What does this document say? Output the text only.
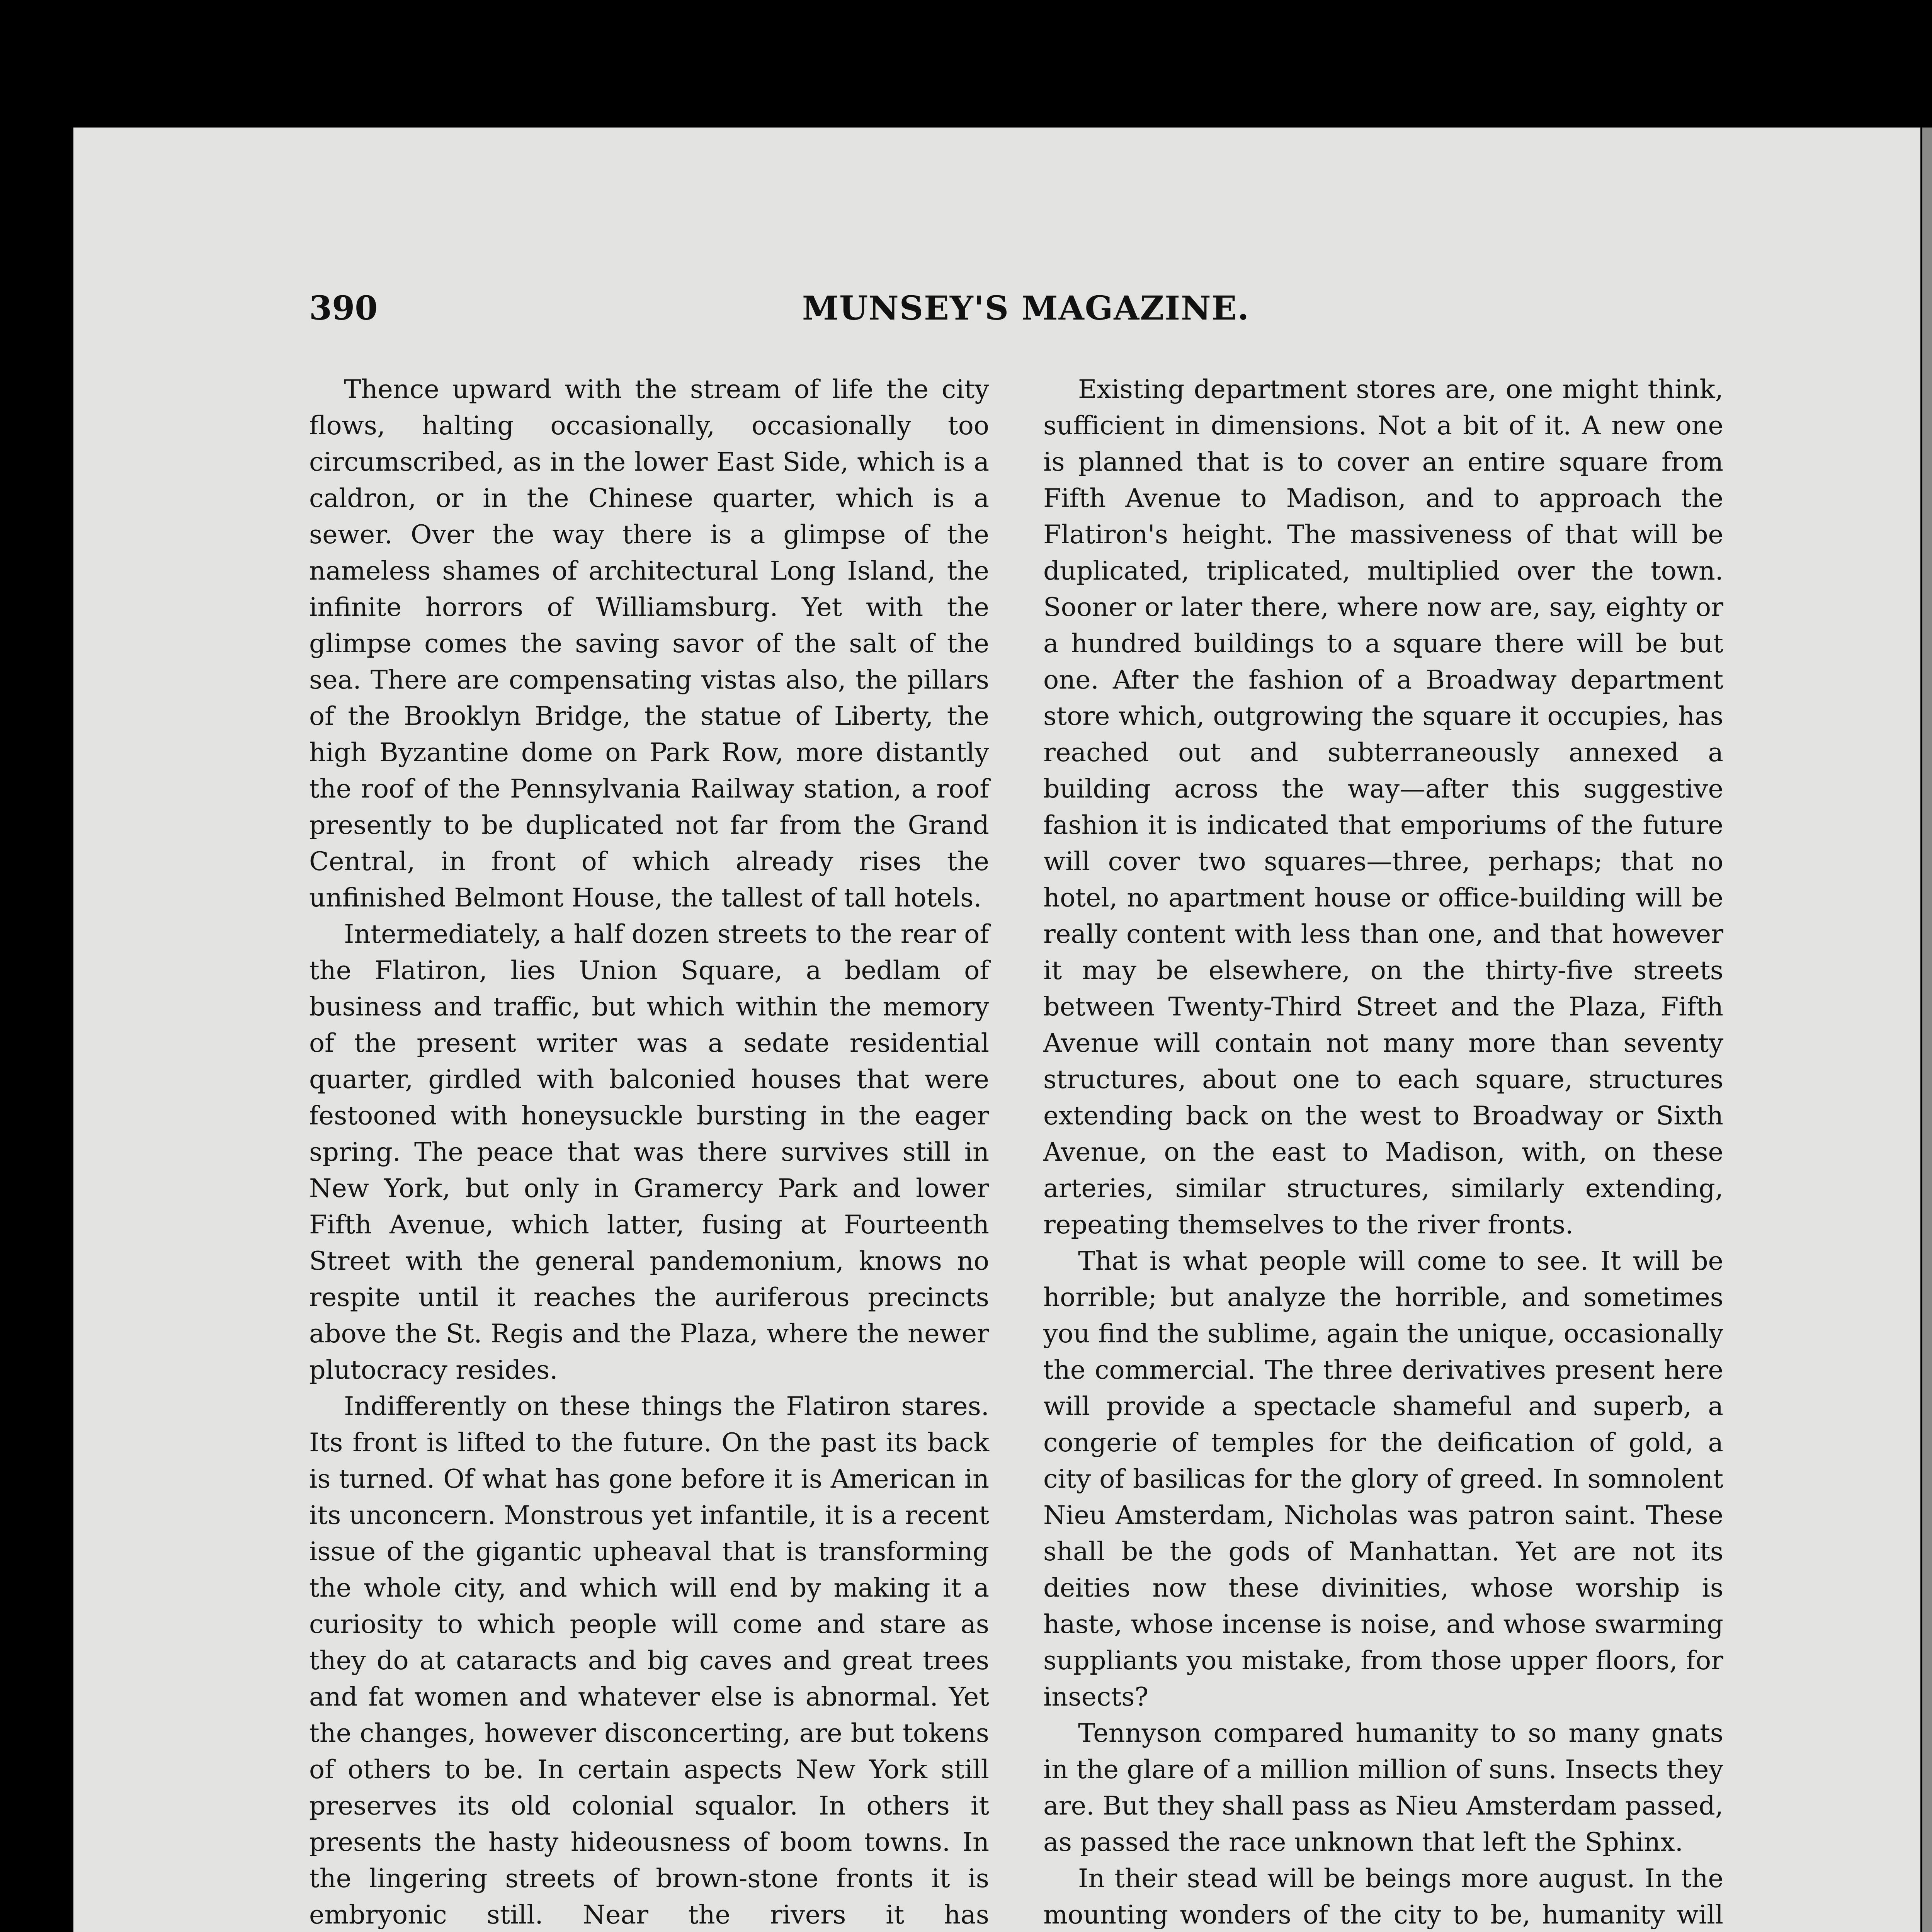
390	MUNSEY'S MAGAZINE.

Thence upward with the stream of life the city flows, halting occasionally, occasionally too circumscribed, as in the lower East Side, which is a caldron, or in the Chinese quarter, which is a sewer. Over the way there is a glimpse of the nameless shames of architectural Long Island, the infinite horrors of Williamsburg. Yet with the glimpse comes the saving savor of the salt of the sea. There are compensating vistas also, the pillars of the Brooklyn Bridge, the statue of Liberty, the high Byzantine dome on Park Row, more distantly the roof of the Pennsylvania Railway station, a roof presently to be duplicated not far from the Grand Central, in front of which already rises the unfinished Belmont House, the tallest of tall hotels.

Intermediately, a half dozen streets to the rear of the Flatiron, lies Union Square, a bedlam of business and traffic, but which within the memory of the present writer was a sedate residential quarter, girdled with balconied houses that were festooned with honeysuckle bursting in the eager spring. The peace that was there survives still in New York, but only in Gramercy Park and lower Fifth Avenue, which latter, fusing at Fourteenth Street with the general pandemonium, knows no respite until it reaches the auriferous precincts above the St. Regis and the Plaza, where the newer plutocracy resides.

Indifferently on these things the Flatiron stares. Its front is lifted to the future. On the past its back is turned. Of what has gone before it is American in its unconcern. Monstrous yet infantile, it is a recent issue of the gigantic upheaval that is transforming the whole city, and which will end by making it a curiosity to which people will come and stare as they do at cataracts and big caves and great trees and fat women and whatever else is abnormal. Yet the changes, however disconcerting, are but tokens of others to be. In certain aspects New York still preserves its old colonial squalor. In others it presents the hasty hideousness of boom towns. In the lingering streets of brown-stone fronts it is embryonic still. Near the rivers it has

Existing department stores are, one might think, sufficient in dimensions. Not a bit of it. A new one is planned that is to cover an entire square from Fifth Avenue to Madison, and to approach the Flatiron's height. The massiveness of that will be duplicated, triplicated, multiplied over the town. Sooner or later there, where now are, say, eighty or a hundred buildings to a square there will be but one. After the fashion of a Broadway department store which, outgrowing the square it occupies, has reached out and subterraneously annexed a building across the way—after this suggestive fashion it is indicated that emporiums of the future will cover two squares—three, perhaps; that no hotel, no apartment house or office-building will be really content with less than one, and that however it may be elsewhere, on the thirty-five streets between Twenty-Third Street and the Plaza, Fifth Avenue will contain not many more than seventy structures, about one to each square, structures extending back on the west to Broadway or Sixth Avenue, on the east to Madison, with, on these arteries, similar structures, similarly extending, repeating themselves to the river fronts.

That is what people will come to see. It will be horrible; but analyze the horrible, and sometimes you find the sublime, again the unique, occasionally the commercial. The three derivatives present here will provide a spectacle shameful and superb, a congerie of temples for the deification of gold, a city of basilicas for the glory of greed. In somnolent Nieu Amsterdam, Nicholas was patron saint. These shall be the gods of Manhattan. Yet are not its deities now these divinities, whose worship is haste, whose incense is noise, and whose swarming suppliants you mistake, from those upper floors, for insects?

Tennyson compared humanity to so many gnats in the glare of a million million of suns. Insects they are. But they shall pass as Nieu Amsterdam passed, as passed the race unknown that left the Sphinx.

In their stead will be beings more august. In the mounting wonders of the city to be, humanity will
